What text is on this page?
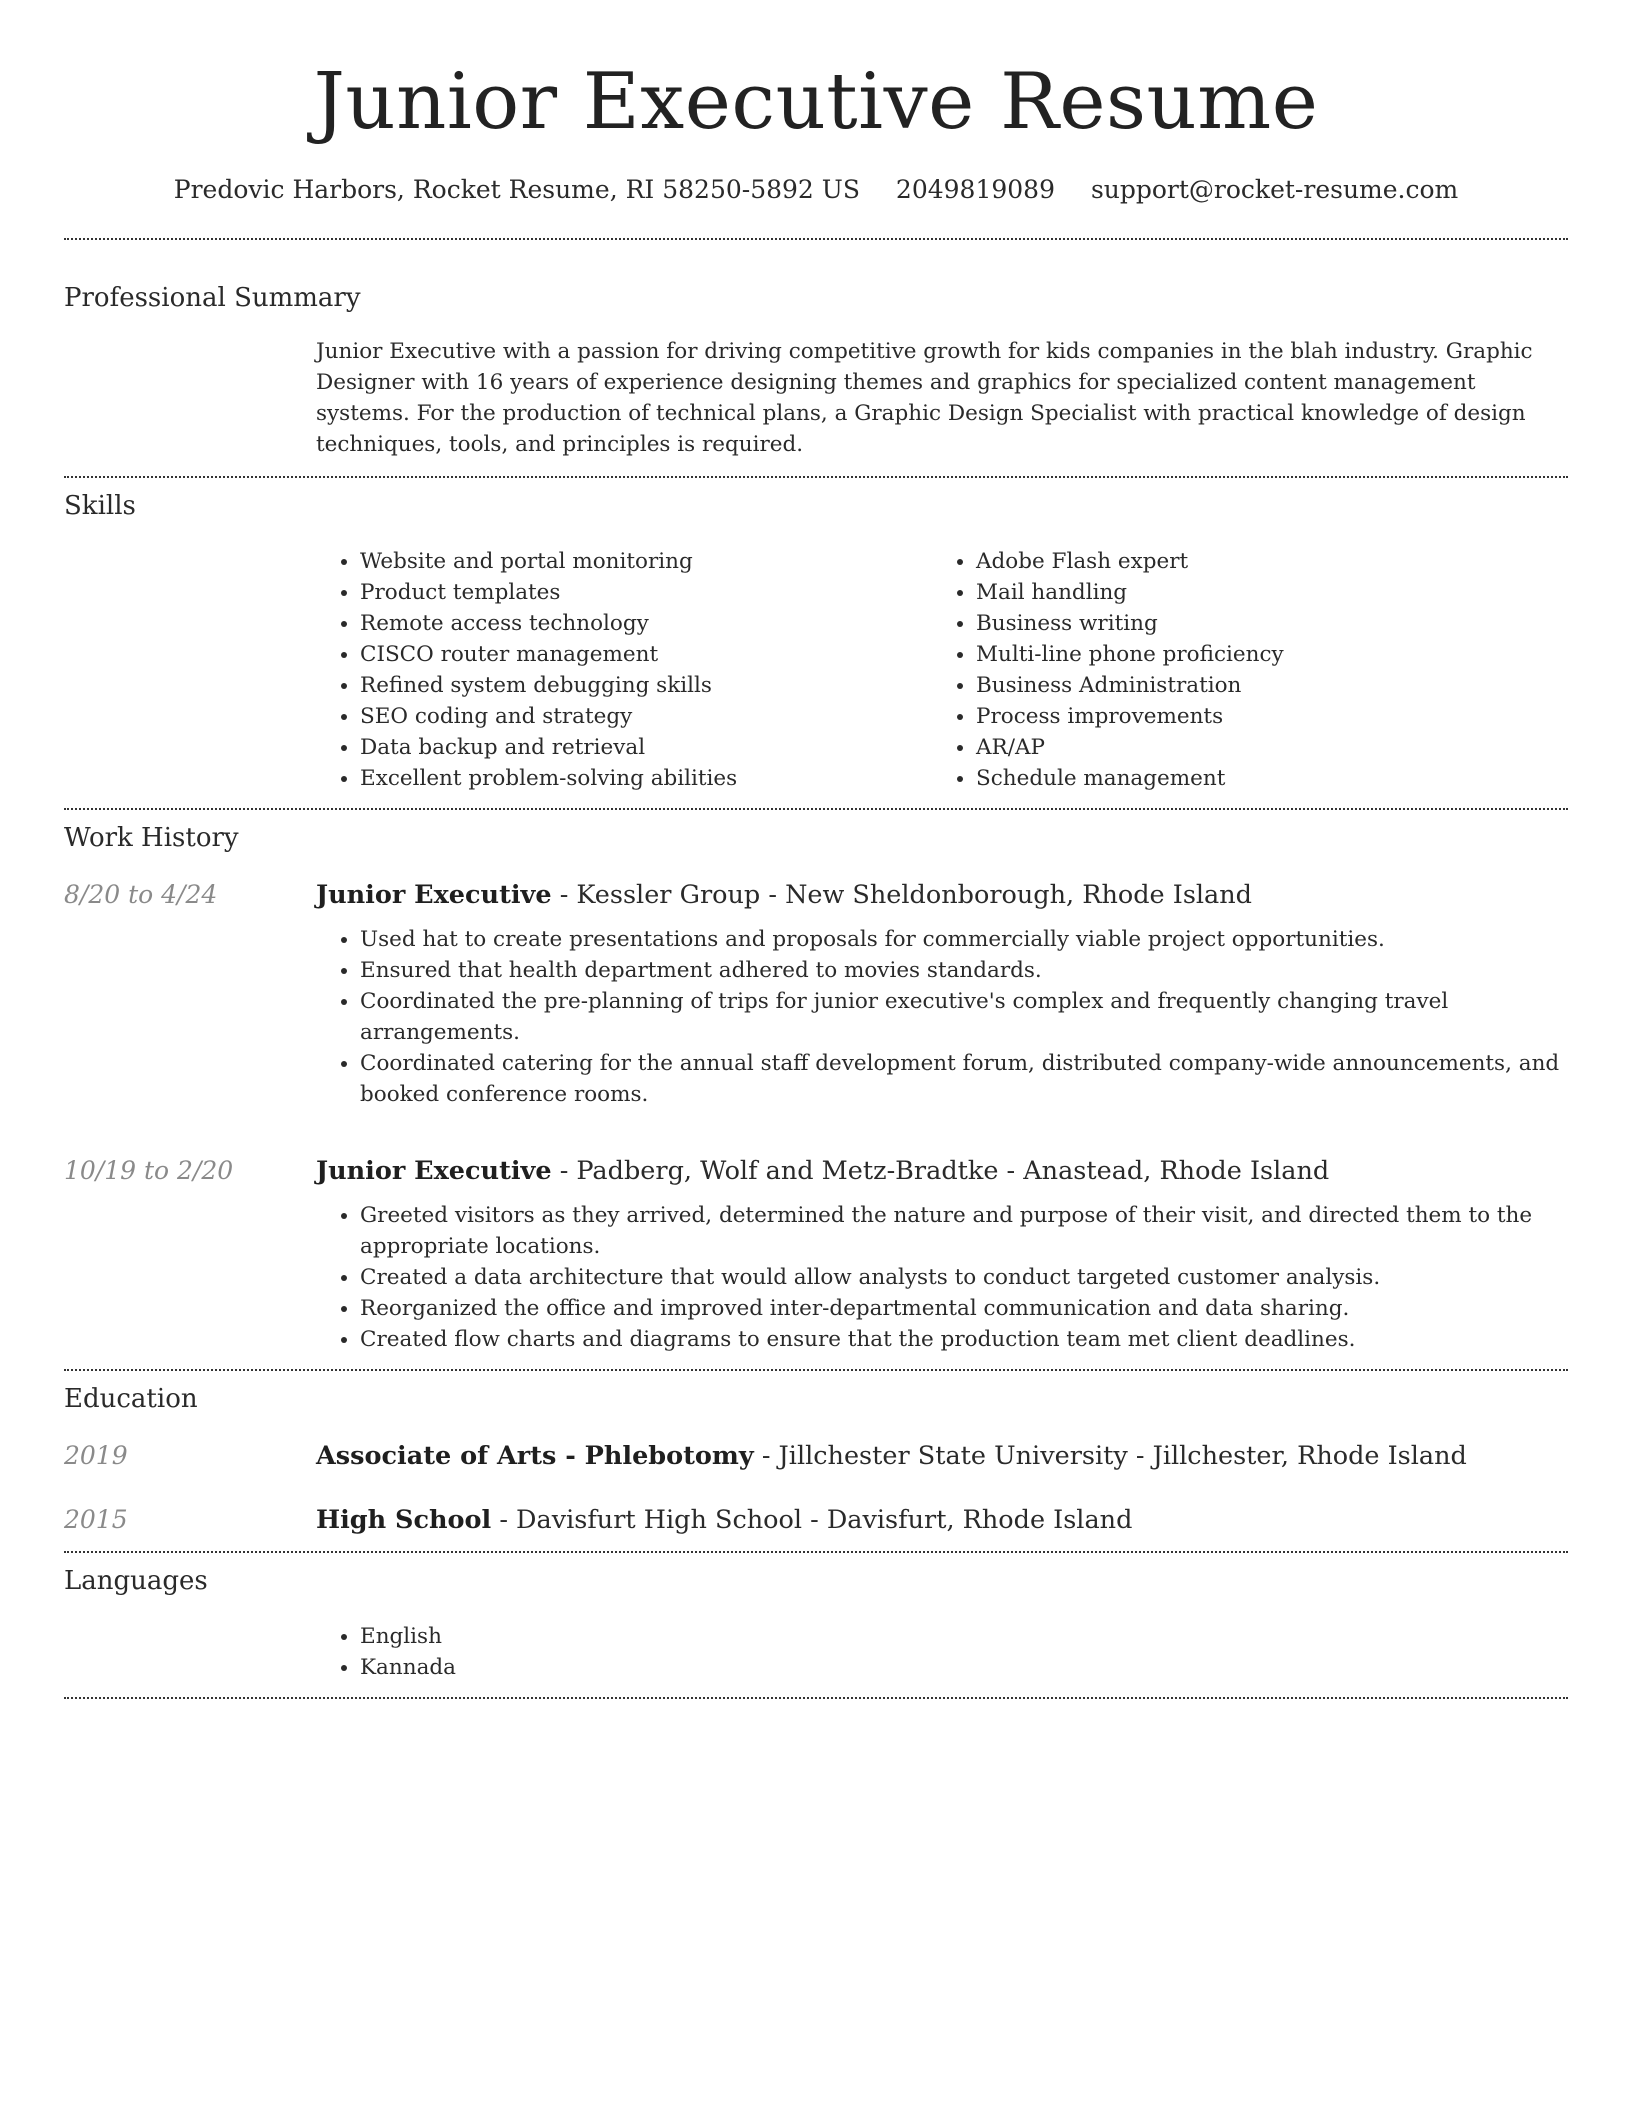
Junior Executive Resume
Predovic Harbors, Rocket Resume, RI 58250-5892 US 2049819089 support@rocket-resume.com
Professional Summary

Junior Executive with a passion for driving competitive growth for kids companies in the blah industry. Graphic Designer with 16 years of experience designing themes and graphics for specialized content management systems. For the production of technical plans, a Graphic Design Specialist with practical knowledge of design techniques, tools, and principles is required.

Skills
• Website and portal monitoring
• Product templates
• Remote access technology
• CISCO router management
• Refined system debugging skills
• SEO coding and strategy
• Data backup and retrieval
• Excellent problem-solving abilities
• Adobe Flash expert
• Mail handling
• Business writing
• Multi-line phone proficiency
• Business Administration
• Process improvements
• AR/AP
• Schedule management
Work History
8/20 to 4/24	Junior Executive - Kessler Group - New Sheldonborough, Rhode Island
• Used hat to create presentations and proposals for commercially viable project opportunities.
• Ensured that health department adhered to movies standards.
• Coordinated the pre-planning of trips for junior executive's complex and frequently changing travel arrangements.
• Coordinated catering for the annual staff development forum, distributed company-wide announcements, and booked conference rooms.
10/19 to 2/20	Junior Executive - Padberg, Wolf and Metz-Bradtke - Anastead, Rhode Island
• Greeted visitors as they arrived, determined the nature and purpose of their visit, and directed them to the appropriate locations.
• Created a data architecture that would allow analysts to conduct targeted customer analysis.
• Reorganized the office and improved inter-departmental communication and data sharing.
• Created flow charts and diagrams to ensure that the production team met client deadlines.
Education
2019	Associate of Arts - Phlebotomy - Jillchester State University - Jillchester, Rhode Island
2015	High School - Davisfurt High School - Davisfurt, Rhode Island
Languages
• English
• Kannada
